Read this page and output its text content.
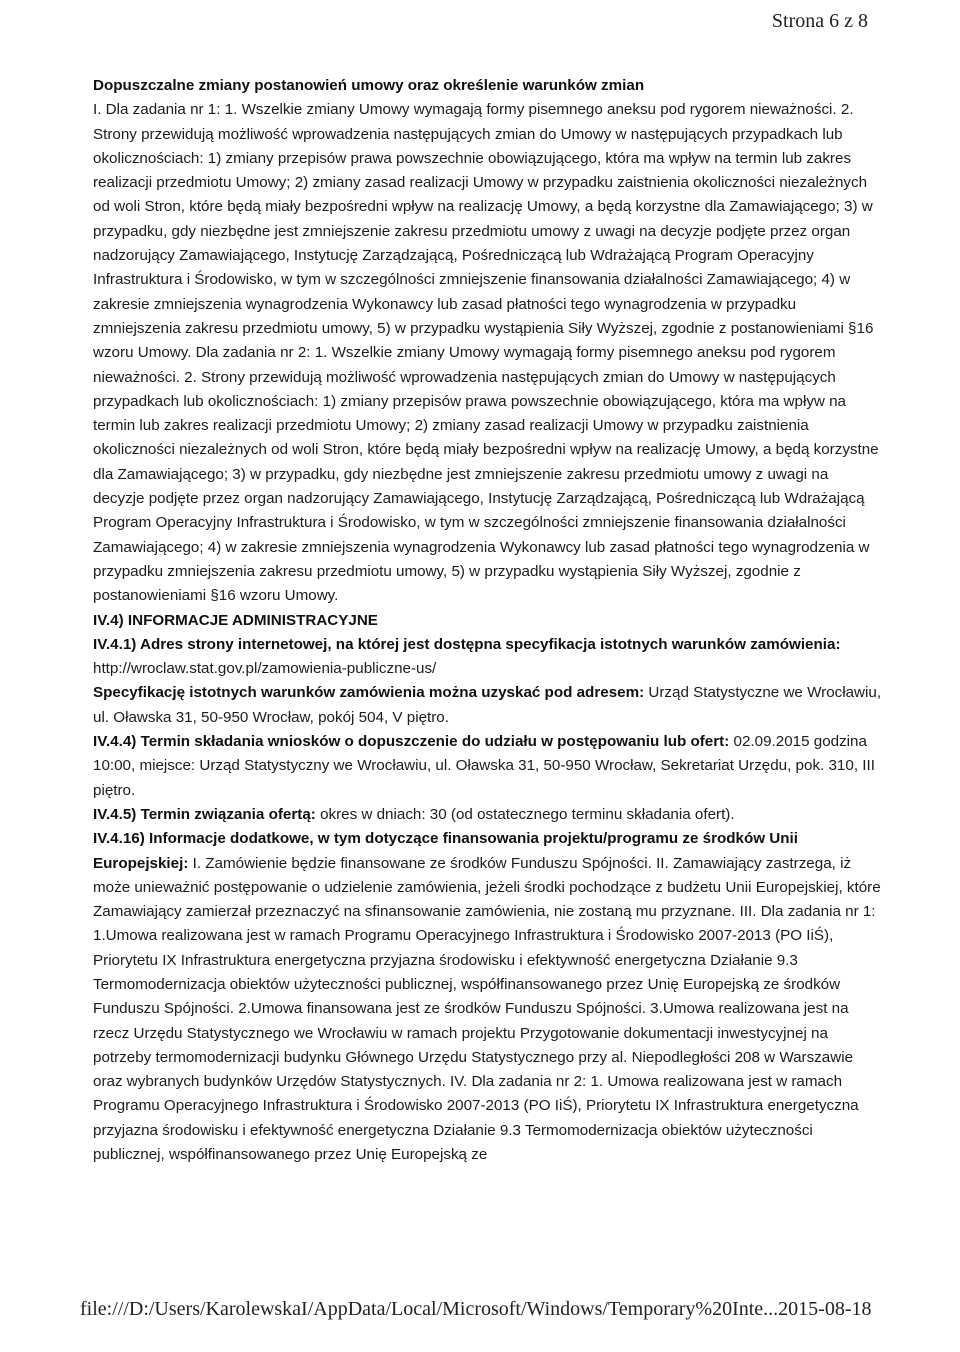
Strona 6 z 8

Dopuszczalne zmiany postanowień umowy oraz określenie warunków zmian

I. Dla zadania nr 1: 1. Wszelkie zmiany Umowy wymagają formy pisemnego aneksu pod rygorem nieważności. 2. Strony przewidują możliwość wprowadzenia następujących zmian do Umowy w następujących przypadkach lub okolicznościach: 1) zmiany przepisów prawa powszechnie obowiązującego, która ma wpływ na termin lub zakres realizacji przedmiotu Umowy; 2) zmiany zasad realizacji Umowy w przypadku zaistnienia okoliczności niezależnych od woli Stron, które będą miały bezpośredni wpływ na realizację Umowy, a będą korzystne dla Zamawiającego; 3) w przypadku, gdy niezbędne jest zmniejszenie zakresu przedmiotu umowy z uwagi na decyzje podjęte przez organ nadzorujący Zamawiającego, Instytucję Zarządzającą, Pośredniczącą lub Wdrażającą Program Operacyjny Infrastruktura i Środowisko, w tym w szczególności zmniejszenie finansowania działalności Zamawiającego; 4) w zakresie zmniejszenia wynagrodzenia Wykonawcy lub zasad płatności tego wynagrodzenia w przypadku zmniejszenia zakresu przedmiotu umowy, 5) w przypadku wystąpienia Siły Wyższej, zgodnie z postanowieniami §16 wzoru Umowy. Dla zadania nr 2: 1. Wszelkie zmiany Umowy wymagają formy pisemnego aneksu pod rygorem nieważności. 2. Strony przewidują możliwość wprowadzenia następujących zmian do Umowy w następujących przypadkach lub okolicznościach: 1) zmiany przepisów prawa powszechnie obowiązującego, która ma wpływ na termin lub zakres realizacji przedmiotu Umowy; 2) zmiany zasad realizacji Umowy w przypadku zaistnienia okoliczności niezależnych od woli Stron, które będą miały bezpośredni wpływ na realizację Umowy, a będą korzystne dla Zamawiającego; 3) w przypadku, gdy niezbędne jest zmniejszenie zakresu przedmiotu umowy z uwagi na decyzje podjęte przez organ nadzorujący Zamawiającego, Instytucję Zarządzającą, Pośredniczącą lub Wdrażającą Program Operacyjny Infrastruktura i Środowisko, w tym w szczególności zmniejszenie finansowania działalności Zamawiającego; 4) w zakresie zmniejszenia wynagrodzenia Wykonawcy lub zasad płatności tego wynagrodzenia w przypadku zmniejszenia zakresu przedmiotu umowy, 5) w przypadku wystąpienia Siły Wyższej, zgodnie z postanowieniami §16 wzoru Umowy.

IV.4) INFORMACJE ADMINISTRACYJNE

IV.4.1) Adres strony internetowej, na której jest dostępna specyfikacja istotnych warunków zamówienia: http://wroclaw.stat.gov.pl/zamowienia-publiczne-us/

Specyfikację istotnych warunków zamówienia można uzyskać pod adresem: Urząd Statystyczne we Wrocławiu, ul. Oławska 31, 50-950 Wrocław, pokój 504, V piętro.

IV.4.4) Termin składania wniosków o dopuszczenie do udziału w postępowaniu lub ofert: 02.09.2015 godzina 10:00, miejsce: Urząd Statystyczny we Wrocławiu, ul. Oławska 31, 50-950 Wrocław, Sekretariat Urzędu, pok. 310, III piętro.

IV.4.5) Termin związania ofertą: okres w dniach: 30 (od ostatecznego terminu składania ofert).

IV.4.16) Informacje dodatkowe, w tym dotyczące finansowania projektu/programu ze środków Unii Europejskiej: I. Zamówienie będzie finansowane ze środków Funduszu Spójności. II. Zamawiający zastrzega, iż może unieważnić postępowanie o udzielenie zamówienia, jeżeli środki pochodzące z budżetu Unii Europejskiej, które Zamawiający zamierzał przeznaczyć na sfinansowanie zamówienia, nie zostaną mu przyznane. III. Dla zadania nr 1: 1.Umowa realizowana jest w ramach Programu Operacyjnego Infrastruktura i Środowisko 2007-2013 (PO IiŚ), Priorytetu IX Infrastruktura energetyczna przyjazna środowisku i efektywność energetyczna Działanie 9.3 Termomodernizacja obiektów użyteczności publicznej, współfinansowanego przez Unię Europejską ze środków Funduszu Spójności. 2.Umowa finansowana jest ze środków Funduszu Spójności. 3.Umowa realizowana jest na rzecz Urzędu Statystycznego we Wrocławiu w ramach projektu Przygotowanie dokumentacji inwestycyjnej na potrzeby termomodernizacji budynku Głównego Urzędu Statystycznego przy al. Niepodległości 208 w Warszawie oraz wybranych budynków Urzędów Statystycznych. IV. Dla zadania nr 2: 1. Umowa realizowana jest w ramach Programu Operacyjnego Infrastruktura i Środowisko 2007-2013 (PO IiŚ), Priorytetu IX Infrastruktura energetyczna przyjazna środowisku i efektywność energetyczna Działanie 9.3 Termomodernizacja obiektów użyteczności publicznej, współfinansowanego przez Unię Europejską ze

file:///D:/Users/KarolewskaI/AppData/Local/Microsoft/Windows/Temporary%20Inte... 2015-08-18
